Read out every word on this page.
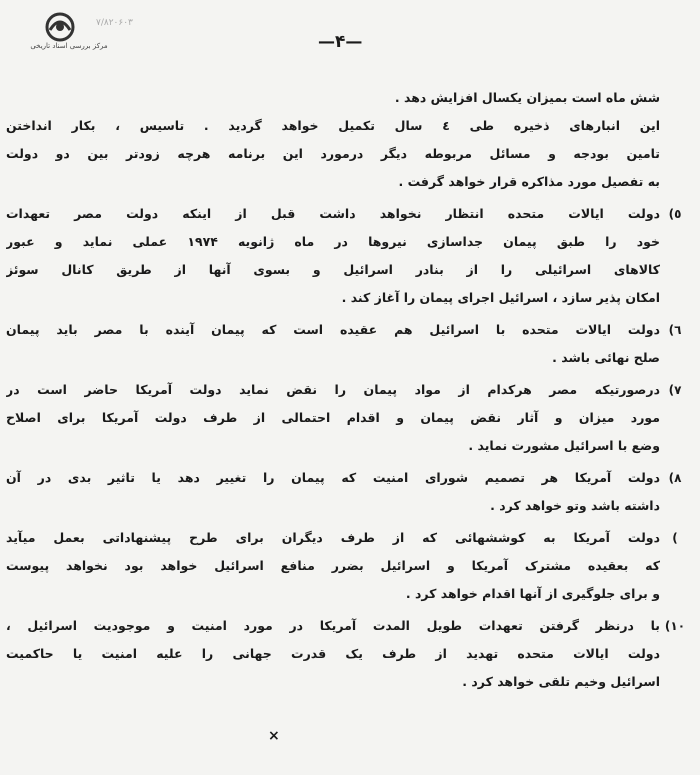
مرکز بررسی اسناد تاریخی
۷/۸۲۰۶۰۳
—۴—
شش ماه است بمیزان یکسال افزایش دهد .
این انبارهای ذخیره طی ٤ سال تکمیل خواهد گردید . تاسیس ، بکار انداختن
تامین بودجه و مسائل مربوطه دیگر درمورد این برنامه هرچه زودتر بین دو دولت
به تفصیل مورد مذاکره قرار خواهد گرفت .
٥)
دولت ایالات متحده انتظار نخواهد داشت قبل از اینکه دولت مصر تعهدات
خود را طبق پیمان جداسازی نیروها در ماه ژانویه ۱۹۷۴ عملی نماید و عبور
کالاهای اسرائیلی را از بنادر اسرائیل و بسوی آنها از طریق کانال سوئز
امکان پذیر سازد ، اسرائیل اجرای پیمان را آغاز کند .
٦)
دولت ایالات متحده با اسرائیل هم عقیده است که پیمان آینده با مصر باید پیمان
صلح نهائی باشد .
٧)
درصورتیکه مصر هرکدام از مواد پیمان را نقض نماید دولت آمریکا حاضر است در
مورد میزان و آثار نقض پیمان و اقدام احتمالی از طرف دولت آمریکا برای اصلاح
وضع با اسرائیل مشورت نماید .
٨)
دولت آمریکا هر تصمیم شورای امنیت که پیمان را تغییر دهد یا تاثیر بدی در آن
داشته باشد وتو خواهد کرد .
)
دولت آمریکا به کوششهائی که از طرف دیگران برای طرح پیشنهاداتی بعمل میآید
که بعقیده مشترک آمریکا و اسرائیل بضرر منافع اسرائیل خواهد بود نخواهد پیوست
و برای جلوگیری از آنها اقدام خواهد کرد .
١٠)
با درنظر گرفتن تعهدات طویل المدت آمریکا در مورد امنیت و موجودیت اسرائیل ،
دولت ایالات متحده تهدید از طرف یک قدرت جهانی را علیه امنیت یا حاکمیت
اسرائیل وخیم تلقی خواهد کرد .
×
